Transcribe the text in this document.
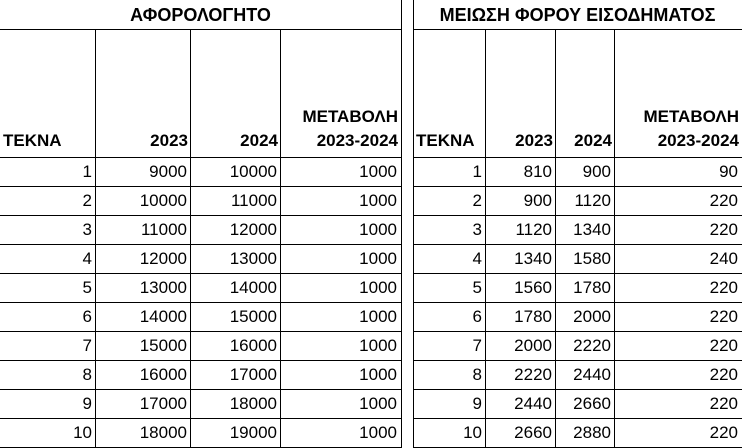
ΑΦΟΡΟΛΟΓΗΤΟ
ΤΕΚΝΑ	2023	2024
ΜΕΤΑΒΟΛΗ
2023-2024
1	9000	10000	1000
2	10000	11000	1000
3	11000	12000	1000
4	12000	13000	1000
5	13000	14000	1000
6	14000	15000	1000
7	15000	16000	1000
8	16000	17000	1000
9	17000	18000	1000
10	18000	19000	1000
ΜΕΙΩΣΗ ΦΟΡΟΥ ΕΙΣΟΔΗΜΑΤΟΣ
ΤΕΚΝΑ	2023	2024
ΜΕΤΑΒΟΛΗ
2023-2024
1	810	900	90
2	900	1120	220
3	1120	1340	220
4	1340	1580	240
5	1560	1780	220
6	1780	2000	220
7	2000	2220	220
8	2220	2440	220
9	2440	2660	220
10	2660	2880	220
